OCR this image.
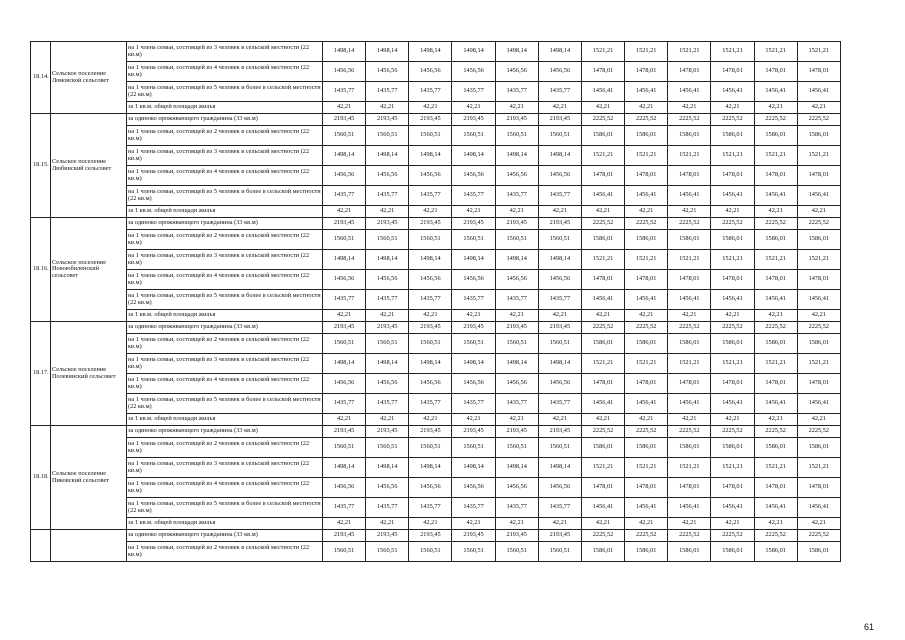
18.14.	Сельское поселение Ломовской сельсовет	на 1 члена семьи, состоящей из 3 человек в сельской местности (22 кв.м)	1498,14	1498,14	1498,14	1498,14	1498,14	1498,14	1521,21	1521,21	1521,21	1521,21	1521,21	1521,21
		на 1 члена семьи, состоящей из 4 человек в сельской местности (22 кв.м)	1456,56	1456,56	1456,56	1456,56	1456,56	1456,56	1478,01	1478,01	1478,01	1478,01	1478,01	1478,01
		на 1 члена семьи, состоящей из 5 человек и более в сельской местности (22 кв.м)	1435,77	1435,77	1435,77	1435,77	1435,77	1435,77	1456,41	1456,41	1456,41	1456,41	1456,41	1456,41
		за 1 кв.м. общей площади жилья	42,21	42,21	42,21	42,21	42,21	42,21	42,21	42,21	42,21	42,21	42,21	42,21
18.15.	Сельское поселение Любинский сельсовет	за одиноко проживающего гражданина (33 кв.м)	2193,45	2193,45	2193,45	2193,45	2193,45	2193,45	2225,52	2225,52	2225,52	2225,52	2225,52	2225,52
		на 1 члена семьи, состоящей из 2 человек в сельской местности (22 кв.м)	1560,51	1560,51	1560,51	1560,51	1560,51	1560,51	1586,01	1586,01	1586,01	1586,01	1586,01	1586,01
		на 1 члена семьи, состоящей из 3 человек в сельской местности (22 кв.м)	1498,14	1498,14	1498,14	1498,14	1498,14	1498,14	1521,21	1521,21	1521,21	1521,21	1521,21	1521,21
		на 1 члена семьи, состоящей из 4 человек в сельской местности (22 кв.м)	1456,56	1456,56	1456,56	1456,56	1456,56	1456,56	1478,01	1478,01	1478,01	1478,01	1478,01	1478,01
		на 1 члена семьи, состоящей из 5 человек и более в сельской местности (22 кв.м)	1435,77	1435,77	1435,77	1435,77	1435,77	1435,77	1456,41	1456,41	1456,41	1456,41	1456,41	1456,41
		за 1 кв.м. общей площади жилья	42,21	42,21	42,21	42,21	42,21	42,21	42,21	42,21	42,21	42,21	42,21	42,21
18.16.	Сельское поселение Новоюбиленский сельсовет	за одиноко проживающего гражданина (33 кв.м)	2193,45	2193,45	2193,45	2193,45	2193,45	2193,45	2225,52	2225,52	2225,52	2225,52	2225,52	2225,52
		на 1 члена семьи, состоящей из 2 человек в сельской местности (22 кв.м)	1560,51	1560,51	1560,51	1560,51	1560,51	1560,51	1586,01	1586,01	1586,01	1586,01	1586,01	1586,01
		на 1 члена семьи, состоящей из 3 человек в сельской местности (22 кв.м)	1498,14	1498,14	1498,14	1498,14	1498,14	1498,14	1521,21	1521,21	1521,21	1521,21	1521,21	1521,21
		на 1 члена семьи, состоящей из 4 человек в сельской местности (22 кв.м)	1456,56	1456,56	1456,56	1456,56	1456,56	1456,56	1478,01	1478,01	1478,01	1478,01	1478,01	1478,01
		на 1 члена семьи, состоящей из 5 человек и более в сельской местности (22 кв.м)	1435,77	1435,77	1435,77	1435,77	1435,77	1435,77	1456,41	1456,41	1456,41	1456,41	1456,41	1456,41
		за 1 кв.м. общей площади жилья	42,21	42,21	42,21	42,21	42,21	42,21	42,21	42,21	42,21	42,21	42,21	42,21
18.17.	Сельское поселение Полевинский сельсовет	за одиноко проживающего гражданина (33 кв.м)	2193,45	2193,45	2193,45	2193,45	2193,45	2193,45	2225,52	2225,52	2225,52	2225,52	2225,52	2225,52
		на 1 члена семьи, состоящей из 2 человек в сельской местности (22 кв.м)	1560,51	1560,51	1560,51	1560,51	1560,51	1560,51	1586,01	1586,01	1586,01	1586,01	1586,01	1586,01
		на 1 члена семьи, состоящей из 3 человек в сельской местности (22 кв.м)	1498,14	1498,14	1498,14	1498,14	1498,14	1498,14	1521,21	1521,21	1521,21	1521,21	1521,21	1521,21
		на 1 члена семьи, состоящей из 4 человек в сельской местности (22 кв.м)	1456,56	1456,56	1456,56	1456,56	1456,56	1456,56	1478,01	1478,01	1478,01	1478,01	1478,01	1478,01
		на 1 члена семьи, состоящей из 5 человек и более в сельской местности (22 кв.м)	1435,77	1435,77	1435,77	1435,77	1435,77	1435,77	1456,41	1456,41	1456,41	1456,41	1456,41	1456,41
		за 1 кв.м. общей площади жилья	42,21	42,21	42,21	42,21	42,21	42,21	42,21	42,21	42,21	42,21	42,21	42,21
18.18.	Сельское поселение Пиковский сельсовет	за одиноко проживающего гражданина (33 кв.м)	2193,45	2193,45	2193,45	2193,45	2193,45	2193,45	2225,52	2225,52	2225,52	2225,52	2225,52	2225,52
		на 1 члена семьи, состоящей из 2 человек в сельской местности (22 кв.м)	1560,51	1560,51	1560,51	1560,51	1560,51	1560,51	1586,01	1586,01	1586,01	1586,01	1586,01	1586,01
		на 1 члена семьи, состоящей из 3 человек в сельской местности (22 кв.м)	1498,14	1498,14	1498,14	1498,14	1498,14	1498,14	1521,21	1521,21	1521,21	1521,21	1521,21	1521,21
		на 1 члена семьи, состоящей из 4 человек в сельской местности (22 кв.м)	1456,56	1456,56	1456,56	1456,56	1456,56	1456,56	1478,01	1478,01	1478,01	1478,01	1478,01	1478,01
		на 1 члена семьи, состоящей из 5 человек и более в сельской местности (22 кв.м)	1435,77	1435,77	1435,77	1435,77	1435,77	1435,77	1456,41	1456,41	1456,41	1456,41	1456,41	1456,41
		за 1 кв.м. общей площади жилья	42,21	42,21	42,21	42,21	42,21	42,21	42,21	42,21	42,21	42,21	42,21	42,21
		за одиноко проживающего гражданина (33 кв.м)	2193,45	2193,45	2193,45	2193,45	2193,45	2193,45	2225,52	2225,52	2225,52	2225,52	2225,52	2225,52
		на 1 члена семьи, состоящей из 2 человек в сельской местности (22 кв.м)	1560,51	1560,51	1560,51	1560,51	1560,51	1560,51	1586,01	1586,01	1586,01	1586,01	1586,01	1586,01
61
